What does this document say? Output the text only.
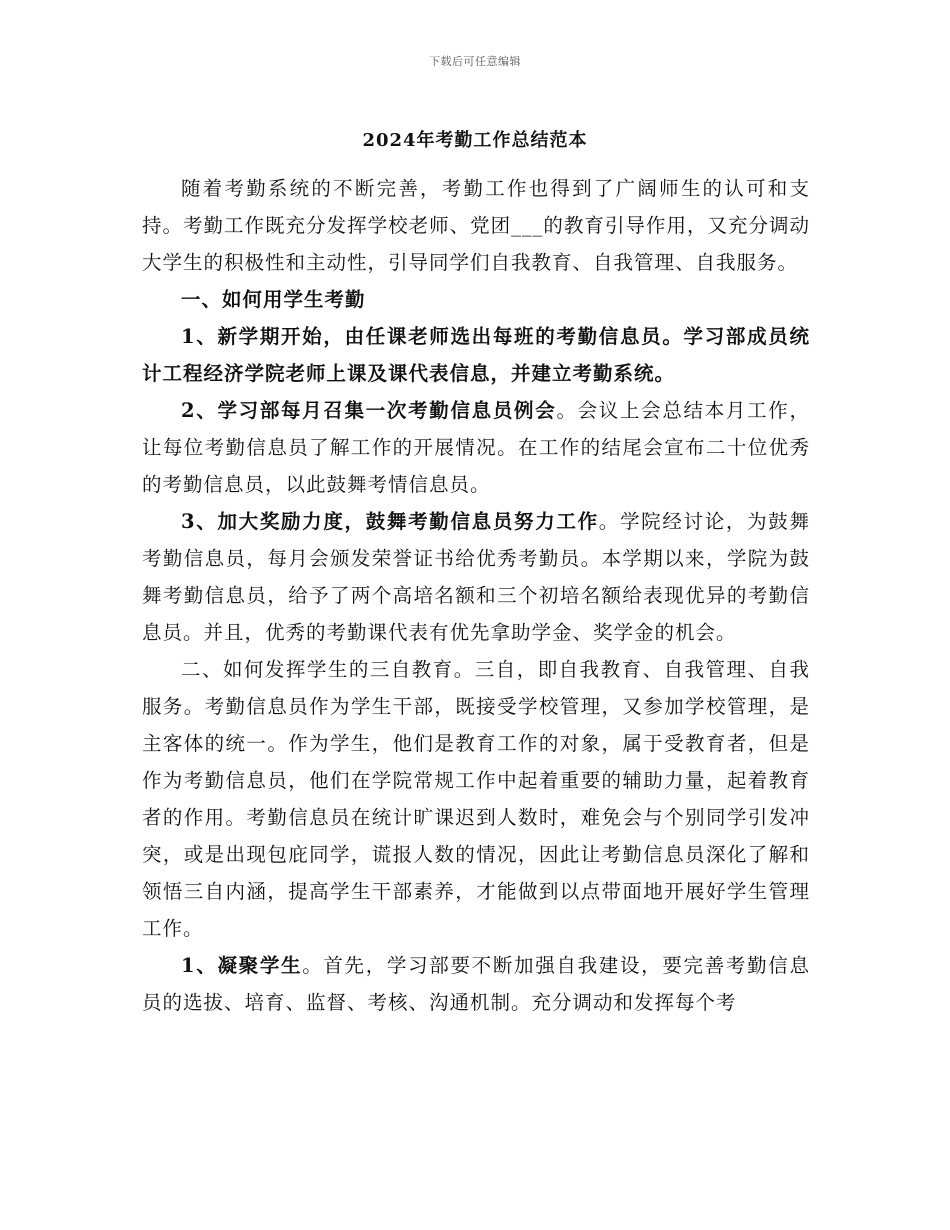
下载后可任意编辑
2024年考勤工作总结范本

随着考勤系统的不断完善，考勤工作也得到了广阔师生的认可和支持。考勤工作既充分发挥学校老师、党团___的教育引导作用，又充分调动大学生的积极性和主动性，引导同学们自我教育、自我管理、自我服务。

一、如何用学生考勤

1、新学期开始，由任课老师选出每班的考勤信息员。学习部成员统计工程经济学院老师上课及课代表信息，并建立考勤系统。

2、学习部每月召集一次考勤信息员例会。会议上会总结本月工作，让每位考勤信息员了解工作的开展情况。在工作的结尾会宣布二十位优秀的考勤信息员，以此鼓舞考情信息员。

3、加大奖励力度，鼓舞考勤信息员努力工作。学院经讨论，为鼓舞考勤信息员，每月会颁发荣誉证书给优秀考勤员。本学期以来，学院为鼓舞考勤信息员，给予了两个高培名额和三个初培名额给表现优异的考勤信息员。并且，优秀的考勤课代表有优先拿助学金、奖学金的机会。

二、如何发挥学生的三自教育。三自，即自我教育、自我管理、自我服务。考勤信息员作为学生干部，既接受学校管理，又参加学校管理，是主客体的统一。作为学生，他们是教育工作的对象，属于受教育者，但是作为考勤信息员，他们在学院常规工作中起着重要的辅助力量，起着教育者的作用。考勤信息员在统计旷课迟到人数时，难免会与个别同学引发冲突，或是出现包庇同学，谎报人数的情况，因此让考勤信息员深化了解和领悟三自内涵，提高学生干部素养，才能做到以点带面地开展好学生管理工作。

1、凝聚学生。首先，学习部要不断加强自我建设，要完善考勤信息员的选拔、培育、监督、考核、沟通机制。充分调动和发挥每个考
